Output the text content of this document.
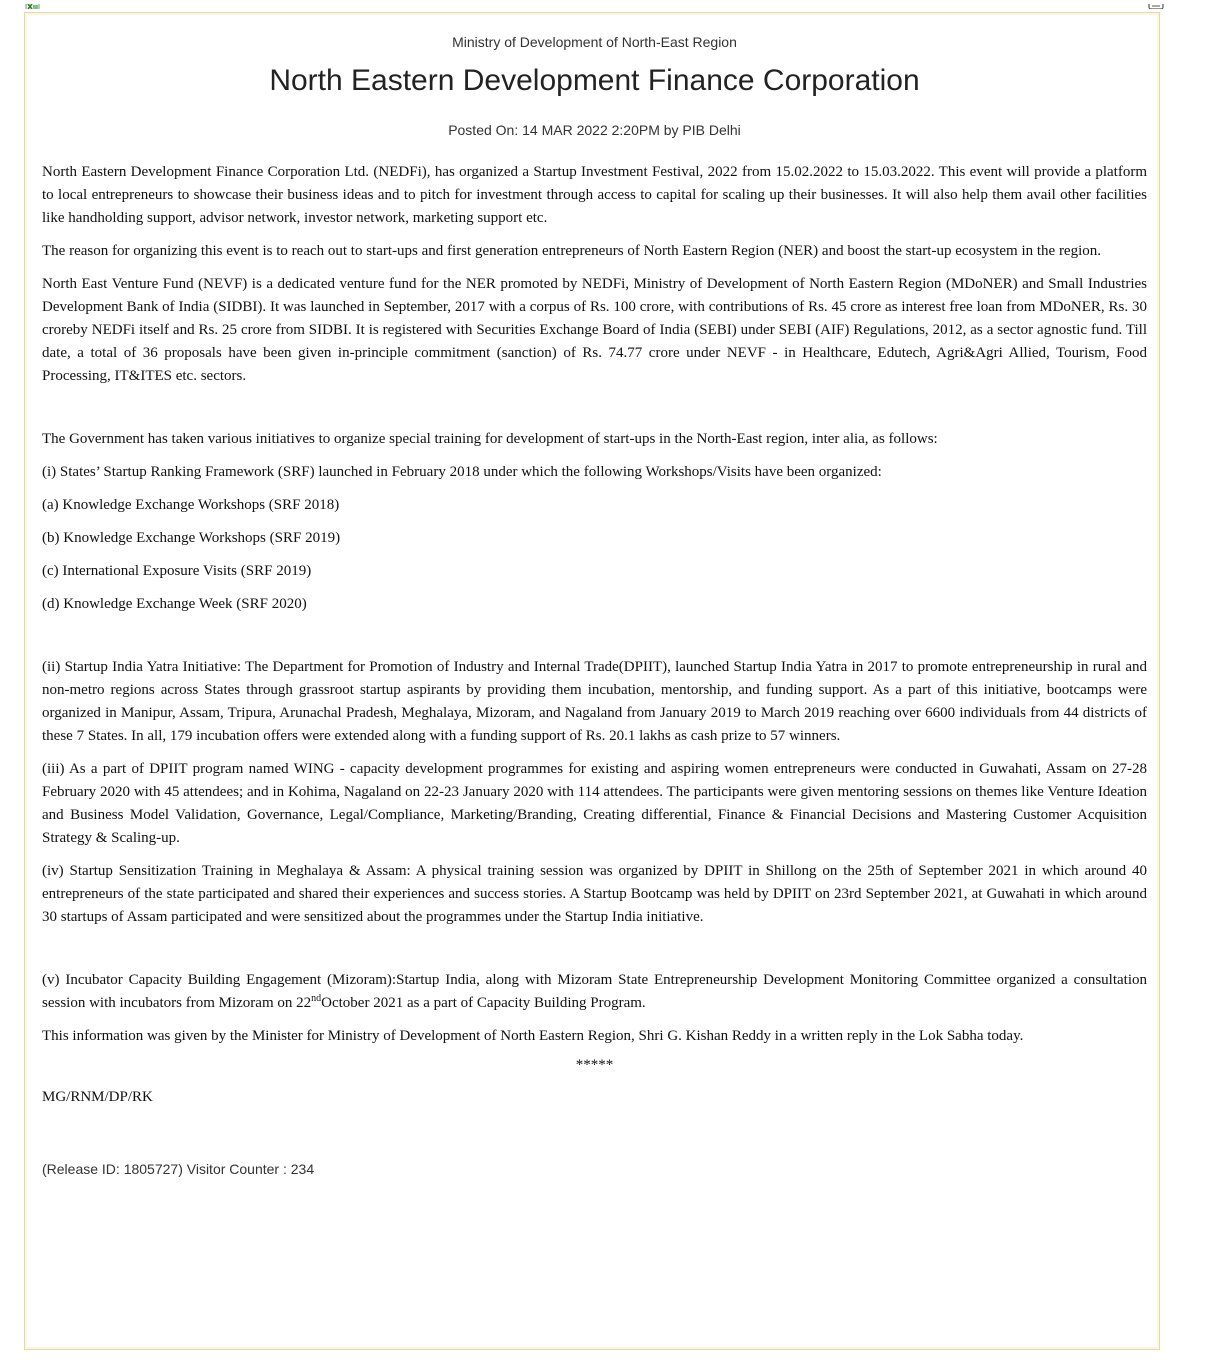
Ministry of Development of North-East Region
North Eastern Development Finance Corporation
Posted On: 14 MAR 2022 2:20PM by PIB Delhi

North Eastern Development Finance Corporation Ltd. (NEDFi), has organized a Startup Investment Festival, 2022 from 15.02.2022 to 15.03.2022. This event will provide a platform to local entrepreneurs to showcase their business ideas and to pitch for investment through access to capital for scaling up their businesses. It will also help them avail other facilities like handholding support, advisor network, investor network, marketing support etc.

The reason for organizing this event is to reach out to start-ups and first generation entrepreneurs of North Eastern Region (NER) and boost the start-up ecosystem in the region.

North East Venture Fund (NEVF) is a dedicated venture fund for the NER promoted by NEDFi, Ministry of Development of North Eastern Region (MDoNER) and Small Industries Development Bank of India (SIDBI). It was launched in September, 2017 with a corpus of Rs. 100 crore, with contributions of Rs. 45 crore as interest free loan from MDoNER, Rs. 30 croreby NEDFi itself and Rs. 25 crore from SIDBI. It is registered with Securities Exchange Board of India (SEBI) under SEBI (AIF) Regulations, 2012, as a sector agnostic fund. Till date, a total of 36 proposals have been given in-principle commitment (sanction) of Rs. 74.77 crore under NEVF - in Healthcare, Edutech, Agri&Agri Allied, Tourism, Food Processing, IT&ITES etc. sectors.

The Government has taken various initiatives to organize special training for development of start-ups in the North-East region, inter alia, as follows:

(i) States’ Startup Ranking Framework (SRF) launched in February 2018 under which the following Workshops/Visits have been organized:

(a) Knowledge Exchange Workshops (SRF 2018)

(b) Knowledge Exchange Workshops (SRF 2019)

(c) International Exposure Visits (SRF 2019)

(d) Knowledge Exchange Week (SRF 2020)

(ii) Startup India Yatra Initiative: The Department for Promotion of Industry and Internal Trade(DPIIT), launched Startup India Yatra in 2017 to promote entrepreneurship in rural and non-metro regions across States through grassroot startup aspirants by providing them incubation, mentorship, and funding support. As a part of this initiative, bootcamps were organized in Manipur, Assam, Tripura, Arunachal Pradesh, Meghalaya, Mizoram, and Nagaland from January 2019 to March 2019 reaching over 6600 individuals from 44 districts of these 7 States. In all, 179 incubation offers were extended along with a funding support of Rs. 20.1 lakhs as cash prize to 57 winners.

(iii) As a part of DPIIT program named WING - capacity development programmes for existing and aspiring women entrepreneurs were conducted in Guwahati, Assam on 27-28 February 2020 with 45 attendees; and in Kohima, Nagaland on 22-23 January 2020 with 114 attendees. The participants were given mentoring sessions on themes like Venture Ideation and Business Model Validation, Governance, Legal/Compliance, Marketing/Branding, Creating differential, Finance & Financial Decisions and Mastering Customer Acquisition Strategy & Scaling-up.

(iv) Startup Sensitization Training in Meghalaya & Assam: A physical training session was organized by DPIIT in Shillong on the 25th of September 2021 in which around 40 entrepreneurs of the state participated and shared their experiences and success stories. A Startup Bootcamp was held by DPIIT on 23rd September 2021, at Guwahati in which around 30 startups of Assam participated and were sensitized about the programmes under the Startup India initiative.

(v) Incubator Capacity Building Engagement (Mizoram):Startup India, along with Mizoram State Entrepreneurship Development Monitoring Committee organized a consultation session with incubators from Mizoram on 22ndOctober 2021 as a part of Capacity Building Program.

This information was given by the Minister for Ministry of Development of North Eastern Region, Shri G. Kishan Reddy in a written reply in the Lok Sabha today.

*****

MG/RNM/DP/RK

(Release ID: 1805727) Visitor Counter : 234
